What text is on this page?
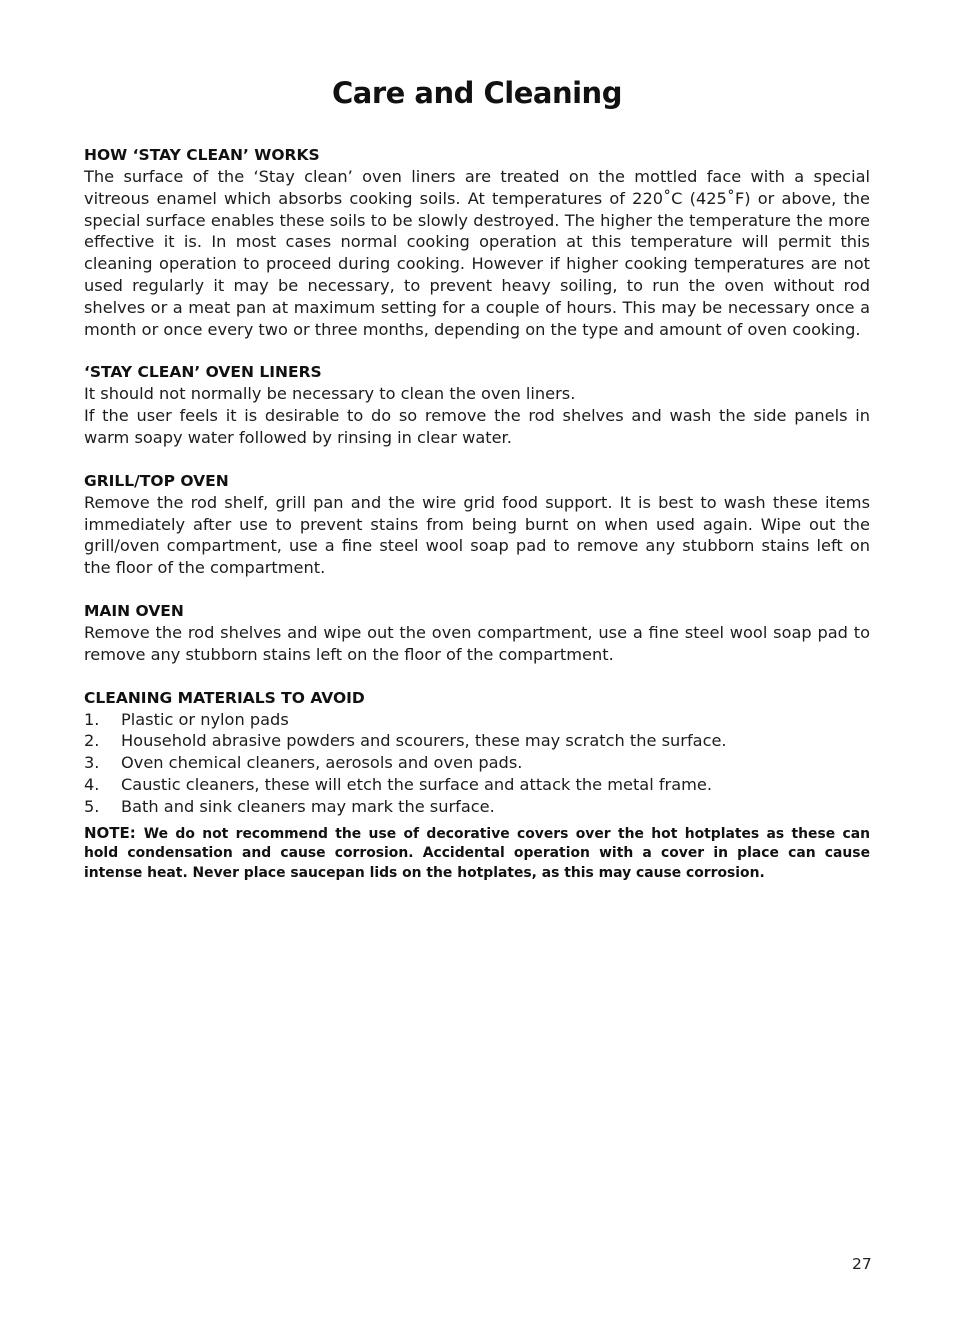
Care and Cleaning
HOW ‘STAY CLEAN’ WORKS

The surface of the ‘Stay clean’ oven liners are treated on the mottled face with a special vitreous enamel which absorbs cooking soils. At temperatures of 220˚C (425˚F) or above, the special surface enables these soils to be slowly destroyed. The higher the temperature the more effective it is. In most cases normal cooking operation at this temperature will permit this cleaning operation to proceed during cooking. However if higher cooking temperatures are not used regularly it may be necessary, to prevent heavy soiling, to run the oven without rod shelves or a meat pan at maximum setting for a couple of hours. This may be necessary once a month or once every two or three months, depending on the type and amount of oven cooking.

‘STAY CLEAN’ OVEN LINERS

It should not normally be necessary to clean the oven liners.

If the user feels it is desirable to do so remove the rod shelves and wash the side panels in warm soapy water followed by rinsing in clear water.

GRILL/TOP OVEN

Remove the rod shelf, grill pan and the wire grid food support. It is best to wash these items immediately after use to prevent stains from being burnt on when used again. Wipe out the grill/oven compartment, use a fine steel wool soap pad to remove any stubborn stains left on the floor of the compartment.

MAIN OVEN

Remove the rod shelves and wipe out the oven compartment, use a fine steel wool soap pad to remove any stubborn stains left on the floor of the compartment.

CLEANING MATERIALS TO AVOID
1.	Plastic or nylon pads
2.	Household abrasive powders and scourers, these may scratch the surface.
3.	Oven chemical cleaners, aerosols and oven pads.
4.	Caustic cleaners, these will etch the surface and attack the metal frame.
5.	Bath and sink cleaners may mark the surface.
NOTE: We do not recommend the use of decorative covers over the hot hotplates as these can hold condensation and cause corrosion. Accidental operation with a cover in place can cause intense heat. Never place saucepan lids on the hotplates, as this may cause corrosion.
27
